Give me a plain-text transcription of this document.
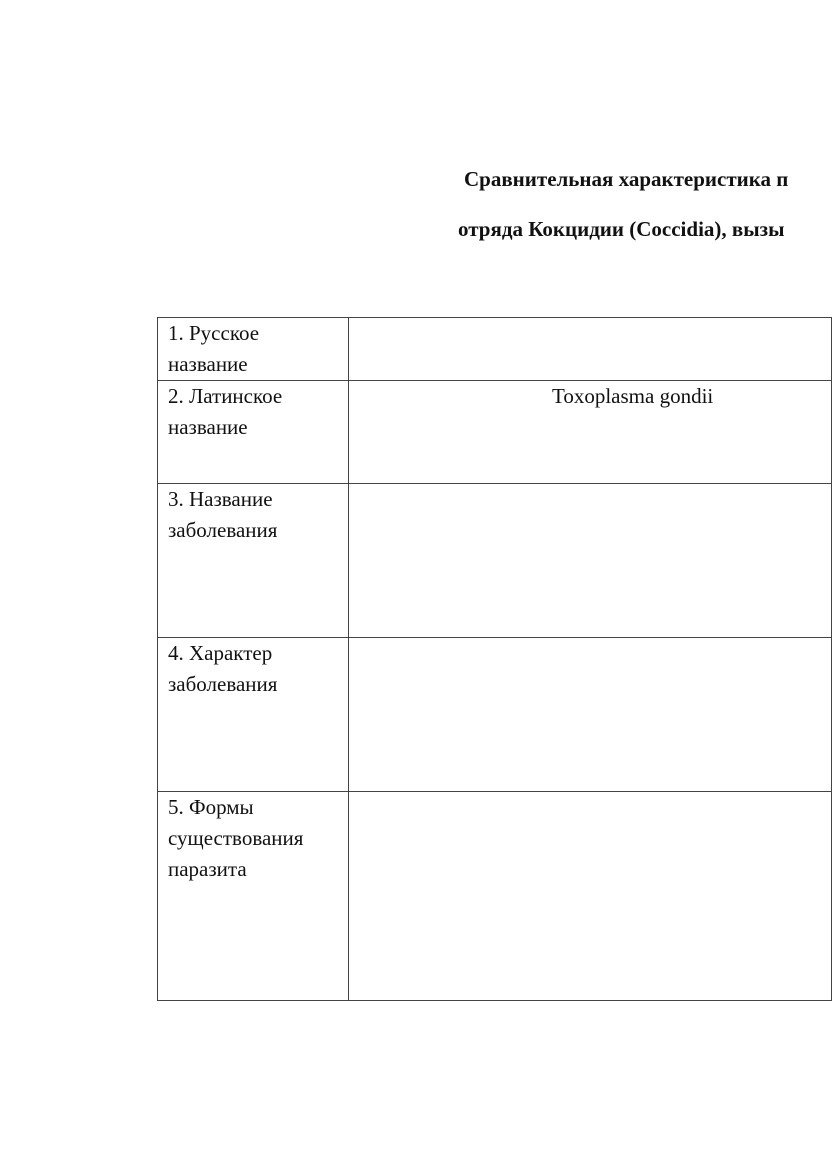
Сравнительная характеристика п
отряда Кокцидии (Coccidia), вызы
1. Русское название	

2. Латинское название	Toxoplasma gondii

3. Название заболевания	

4. Характер заболевания	

5. Формы существования паразита	
